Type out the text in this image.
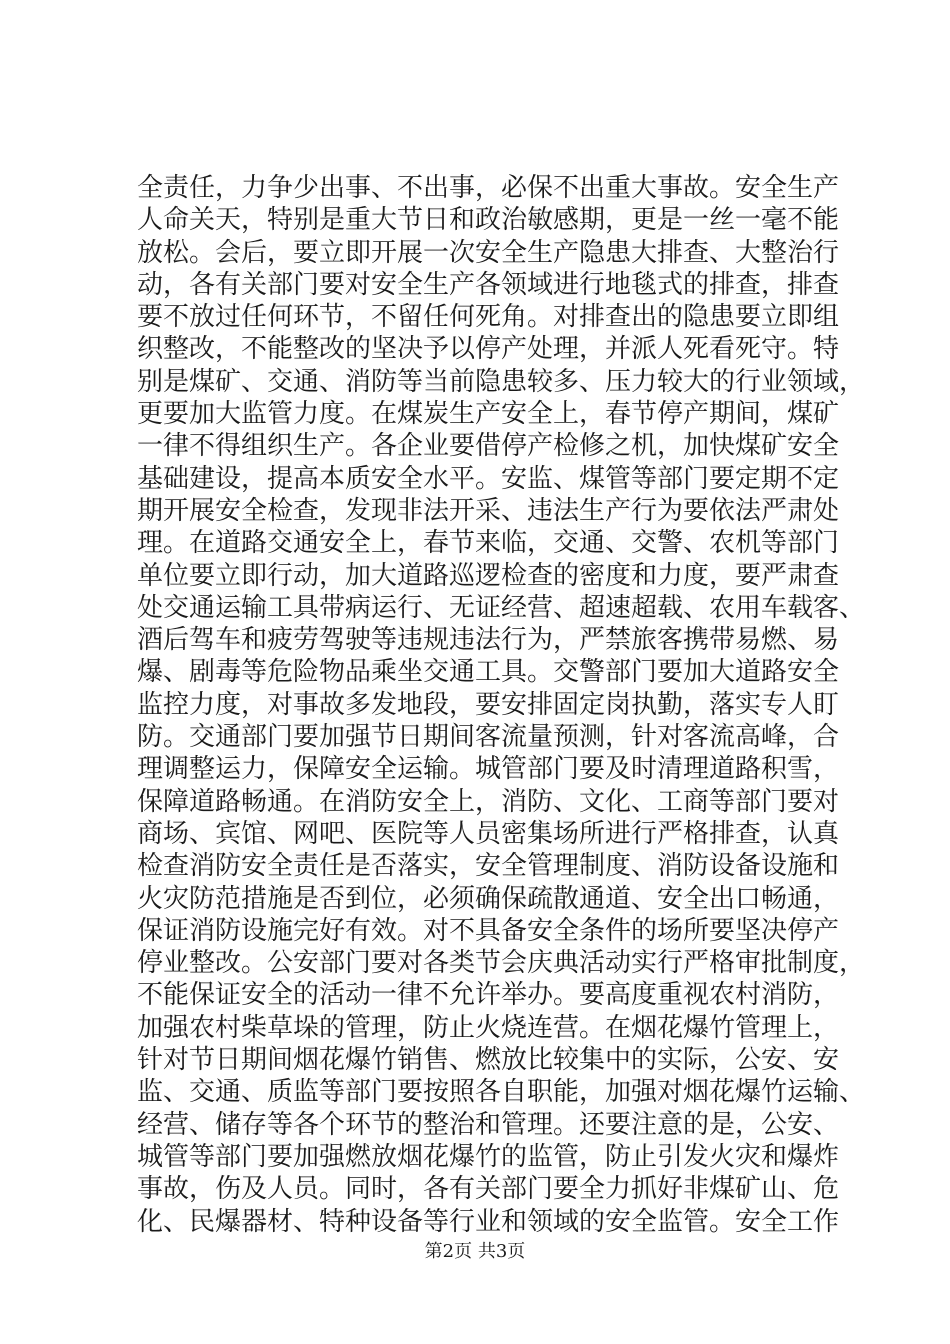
全责任，力争少出事、不出事，必保不出重大事故。安全生产
人命关天，特别是重大节日和政治敏感期，更是一丝一毫不能
放松。会后，要立即开展一次安全生产隐患大排查、大整治行
动，各有关部门要对安全生产各领域进行地毯式的排查，排查
要不放过任何环节，不留任何死角。对排查出的隐患要立即组
织整改，不能整改的坚决予以停产处理，并派人死看死守。特
别是煤矿、交通、消防等当前隐患较多、压力较大的行业领域，
更要加大监管力度。在煤炭生产安全上，春节停产期间，煤矿
一律不得组织生产。各企业要借停产检修之机，加快煤矿安全
基础建设，提高本质安全水平。安监、煤管等部门要定期不定
期开展安全检查，发现非法开采、违法生产行为要依法严肃处
理。在道路交通安全上，春节来临，交通、交警、农机等部门
单位要立即行动，加大道路巡逻检查的密度和力度，要严肃查
处交通运输工具带病运行、无证经营、超速超载、农用车载客、
酒后驾车和疲劳驾驶等违规违法行为，严禁旅客携带易燃、易
爆、剧毒等危险物品乘坐交通工具。交警部门要加大道路安全
监控力度，对事故多发地段，要安排固定岗执勤，落实专人盯
防。交通部门要加强节日期间客流量预测，针对客流高峰，合
理调整运力，保障安全运输。城管部门要及时清理道路积雪，
保障道路畅通。在消防安全上，消防、文化、工商等部门要对
商场、宾馆、网吧、医院等人员密集场所进行严格排查，认真
检查消防安全责任是否落实，安全管理制度、消防设备设施和
火灾防范措施是否到位，必须确保疏散通道、安全出口畅通，
保证消防设施完好有效。对不具备安全条件的场所要坚决停产
停业整改。公安部门要对各类节会庆典活动实行严格审批制度，
不能保证安全的活动一律不允许举办。要高度重视农村消防，
加强农村柴草垛的管理，防止火烧连营。在烟花爆竹管理上，
针对节日期间烟花爆竹销售、燃放比较集中的实际，公安、安
监、交通、质监等部门要按照各自职能，加强对烟花爆竹运输、
经营、储存等各个环节的整治和管理。还要注意的是，公安、
城管等部门要加强燃放烟花爆竹的监管，防止引发火灾和爆炸
事故，伤及人员。同时，各有关部门要全力抓好非煤矿山、危
化、民爆器材、特种设备等行业和领域的安全监管。安全工作
第2页 共3页
